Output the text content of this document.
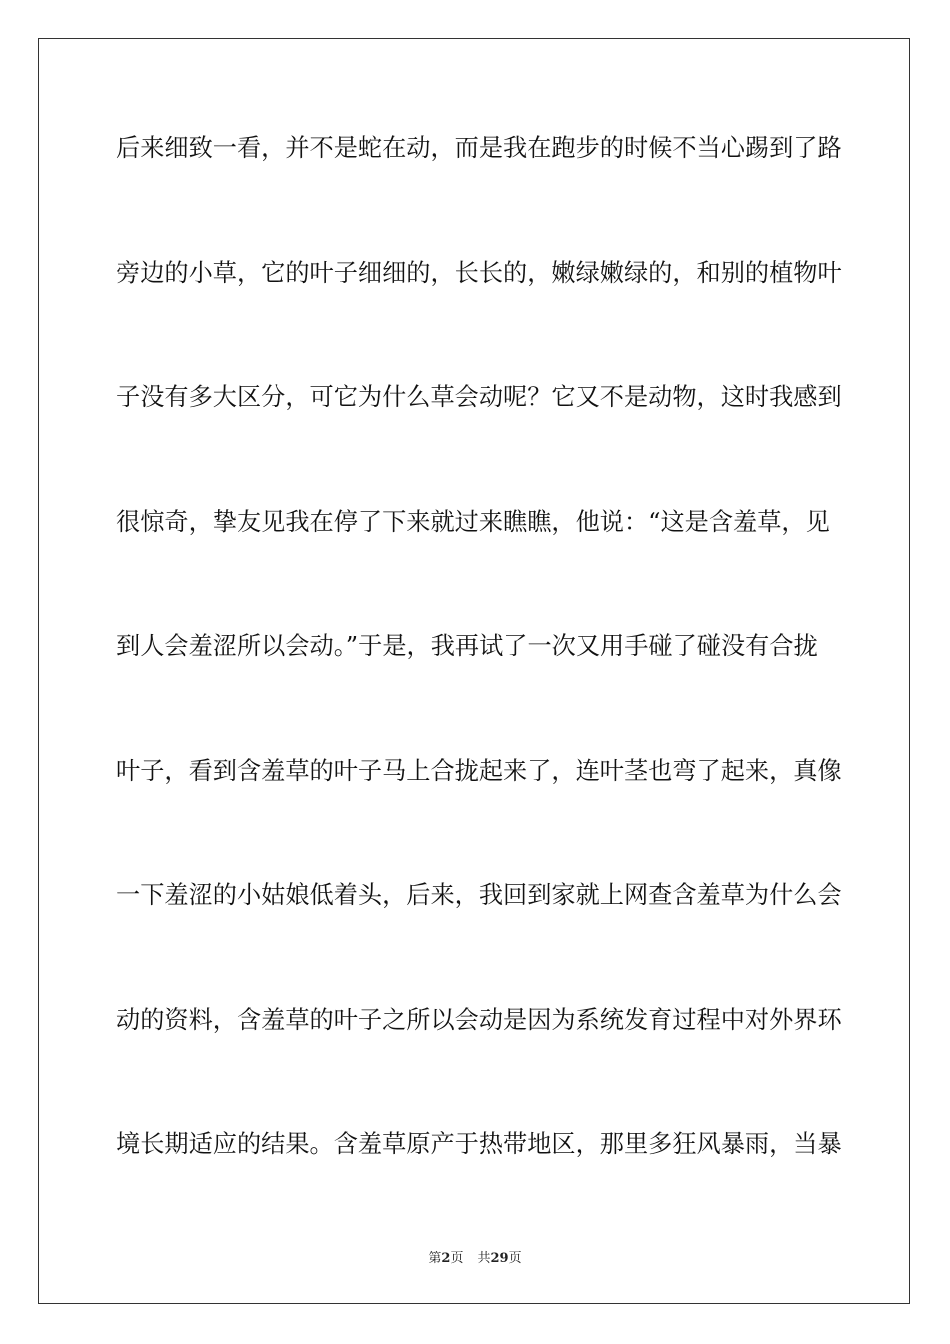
后来细致一看，并不是蛇在动，而是我在跑步的时候不当心踢到了路
旁边的小草，它的叶子细细的，长长的，嫩绿嫩绿的，和别的植物叶
子没有多大区分，可它为什么草会动呢？它又不是动物，这时我感到
很惊奇，挚友见我在停了下来就过来瞧瞧，他说：“这是含羞草，见
到人会羞涩所以会动。”于是，我再试了一次又用手碰了碰没有合拢
叶子，看到含羞草的叶子马上合拢起来了，连叶茎也弯了起来，真像
一下羞涩的小姑娘低着头，后来，我回到家就上网查含羞草为什么会
动的资料，含羞草的叶子之所以会动是因为系统发育过程中对外界环
境长期适应的结果。含羞草原产于热带地区，那里多狂风暴雨，当暴
第2页 共29页
